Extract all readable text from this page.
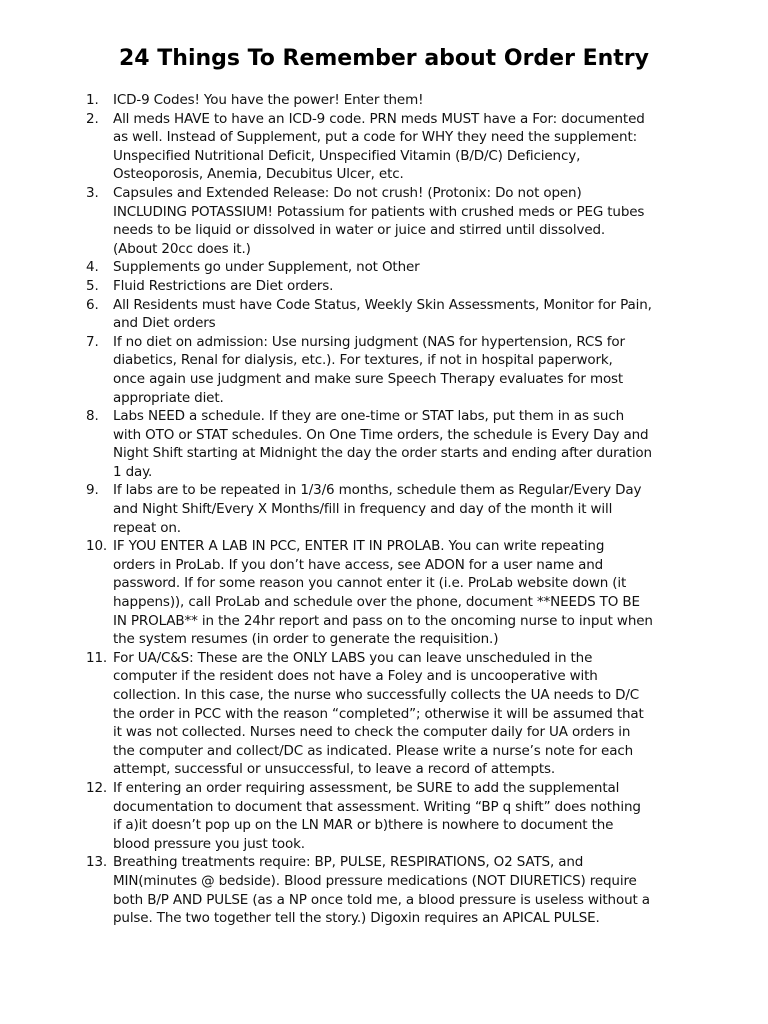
24 Things To Remember about Order Entry
1.	ICD-9 Codes! You have the power! Enter them!
2.	All meds HAVE to have an ICD-9 code. PRN meds MUST have a For: documented
as well. Instead of Supplement, put a code for WHY they need the supplement:
Unspecified Nutritional Deficit, Unspecified Vitamin (B/D/C) Deficiency,
Osteoporosis, Anemia, Decubitus Ulcer, etc.
3.	Capsules and Extended Release: Do not crush! (Protonix: Do not open)
INCLUDING POTASSIUM! Potassium for patients with crushed meds or PEG tubes
needs to be liquid or dissolved in water or juice and stirred until dissolved.
(About 20cc does it.)
4.	Supplements go under Supplement, not Other
5.	Fluid Restrictions are Diet orders.
6.	All Residents must have Code Status, Weekly Skin Assessments, Monitor for Pain,
and Diet orders
7.	If no diet on admission: Use nursing judgment (NAS for hypertension, RCS for
diabetics, Renal for dialysis, etc.). For textures, if not in hospital paperwork,
once again use judgment and make sure Speech Therapy evaluates for most
appropriate diet.
8.	Labs NEED a schedule. If they are one-time or STAT labs, put them in as such
with OTO or STAT schedules. On One Time orders, the schedule is Every Day and
Night Shift starting at Midnight the day the order starts and ending after duration
1 day.
9.	If labs are to be repeated in 1/3/6 months, schedule them as Regular/Every Day
and Night Shift/Every X Months/fill in frequency and day of the month it will
repeat on.
10. IF YOU ENTER A LAB IN PCC, ENTER IT IN PROLAB. You can write repeating
orders in ProLab. If you don’t have access, see ADON for a user name and
password. If for some reason you cannot enter it (i.e. ProLab website down (it
happens)), call ProLab and schedule over the phone, document **NEEDS TO BE
IN PROLAB** in the 24hr report and pass on to the oncoming nurse to input when
the system resumes (in order to generate the requisition.)
11. For UA/C&S: These are the ONLY LABS you can leave unscheduled in the
computer if the resident does not have a Foley and is uncooperative with
collection. In this case, the nurse who successfully collects the UA needs to D/C
the order in PCC with the reason “completed”; otherwise it will be assumed that
it was not collected. Nurses need to check the computer daily for UA orders in
the computer and collect/DC as indicated. Please write a nurse’s note for each
attempt, successful or unsuccessful, to leave a record of attempts.
12. If entering an order requiring assessment, be SURE to add the supplemental
documentation to document that assessment. Writing “BP q shift” does nothing
if a)it doesn’t pop up on the LN MAR or b)there is nowhere to document the
blood pressure you just took.
13. Breathing treatments require: BP, PULSE, RESPIRATIONS, O2 SATS, and
MIN(minutes @ bedside). Blood pressure medications (NOT DIURETICS) require
both B/P AND PULSE (as a NP once told me, a blood pressure is useless without a
pulse. The two together tell the story.) Digoxin requires an APICAL PULSE.
